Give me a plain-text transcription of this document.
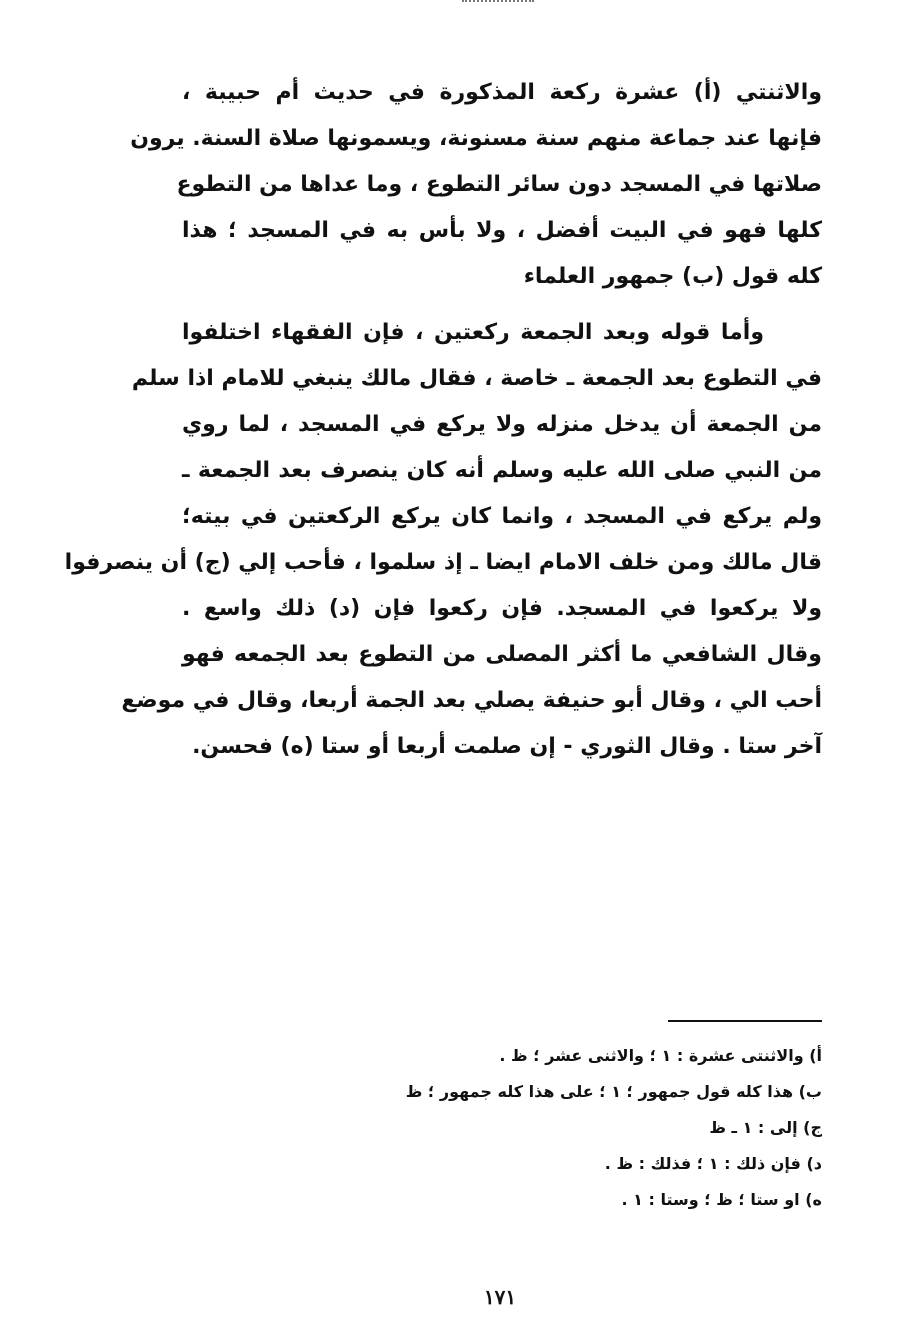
والاثنتي (أ) عشرة ركعة المذكورة في حديث أم حبيبة ،
فإنها عند جماعة منهم سنة مسنونة، ويسمونها صلاة السنة. يرون
صلاتها في المسجد دون سائر التطوع ، وما عداها من التطوع
كلها فهو في البيت أفضل ، ولا بأس به في المسجد ؛ هذا
كله قول (ب) جمهور العلماء
وأما قوله وبعد الجمعة ركعتين ، فإن الفقهاء اختلفوا
في التطوع بعد الجمعة ـ خاصة ، فقال مالك ينبغي للامام اذا سلم
من الجمعة أن يدخل منزله ولا يركع في المسجد ، لما روي
من النبي صلى الله عليه وسلم أنه كان ينصرف بعد الجمعة ـ
ولم يركع في المسجد ، وانما كان يركع الركعتين في بيته؛
قال مالك ومن خلف الامام ايضا ـ إذ سلموا ، فأحب إلي (ج) أن ينصرفوا
ولا يركعوا في المسجد. فإن ركعوا فإن (د) ذلك واسع .
وقال الشافعي ما أكثر المصلى من التطوع بعد الجمعه فهو
أحب الي ، وقال أبو حنيفة يصلي بعد الجمة أربعا، وقال في موضع
آخر ستا . وقال الثوري - إن صلمت أربعا أو ستا (ه) فحسن.
أ) والاثنتى عشرة : ١ ؛ والاثنى عشر ؛ ظ .
ب) هذا كله قول جمهور ؛ ١ ؛ على هذا كله جمهور ؛ ظ
ج) إلى : ١ ـ ظ
د) فإن ذلك : ١ ؛ فذلك : ظ .
ه) او ستا ؛ ظ ؛ وستا : ١ .
١٧١
